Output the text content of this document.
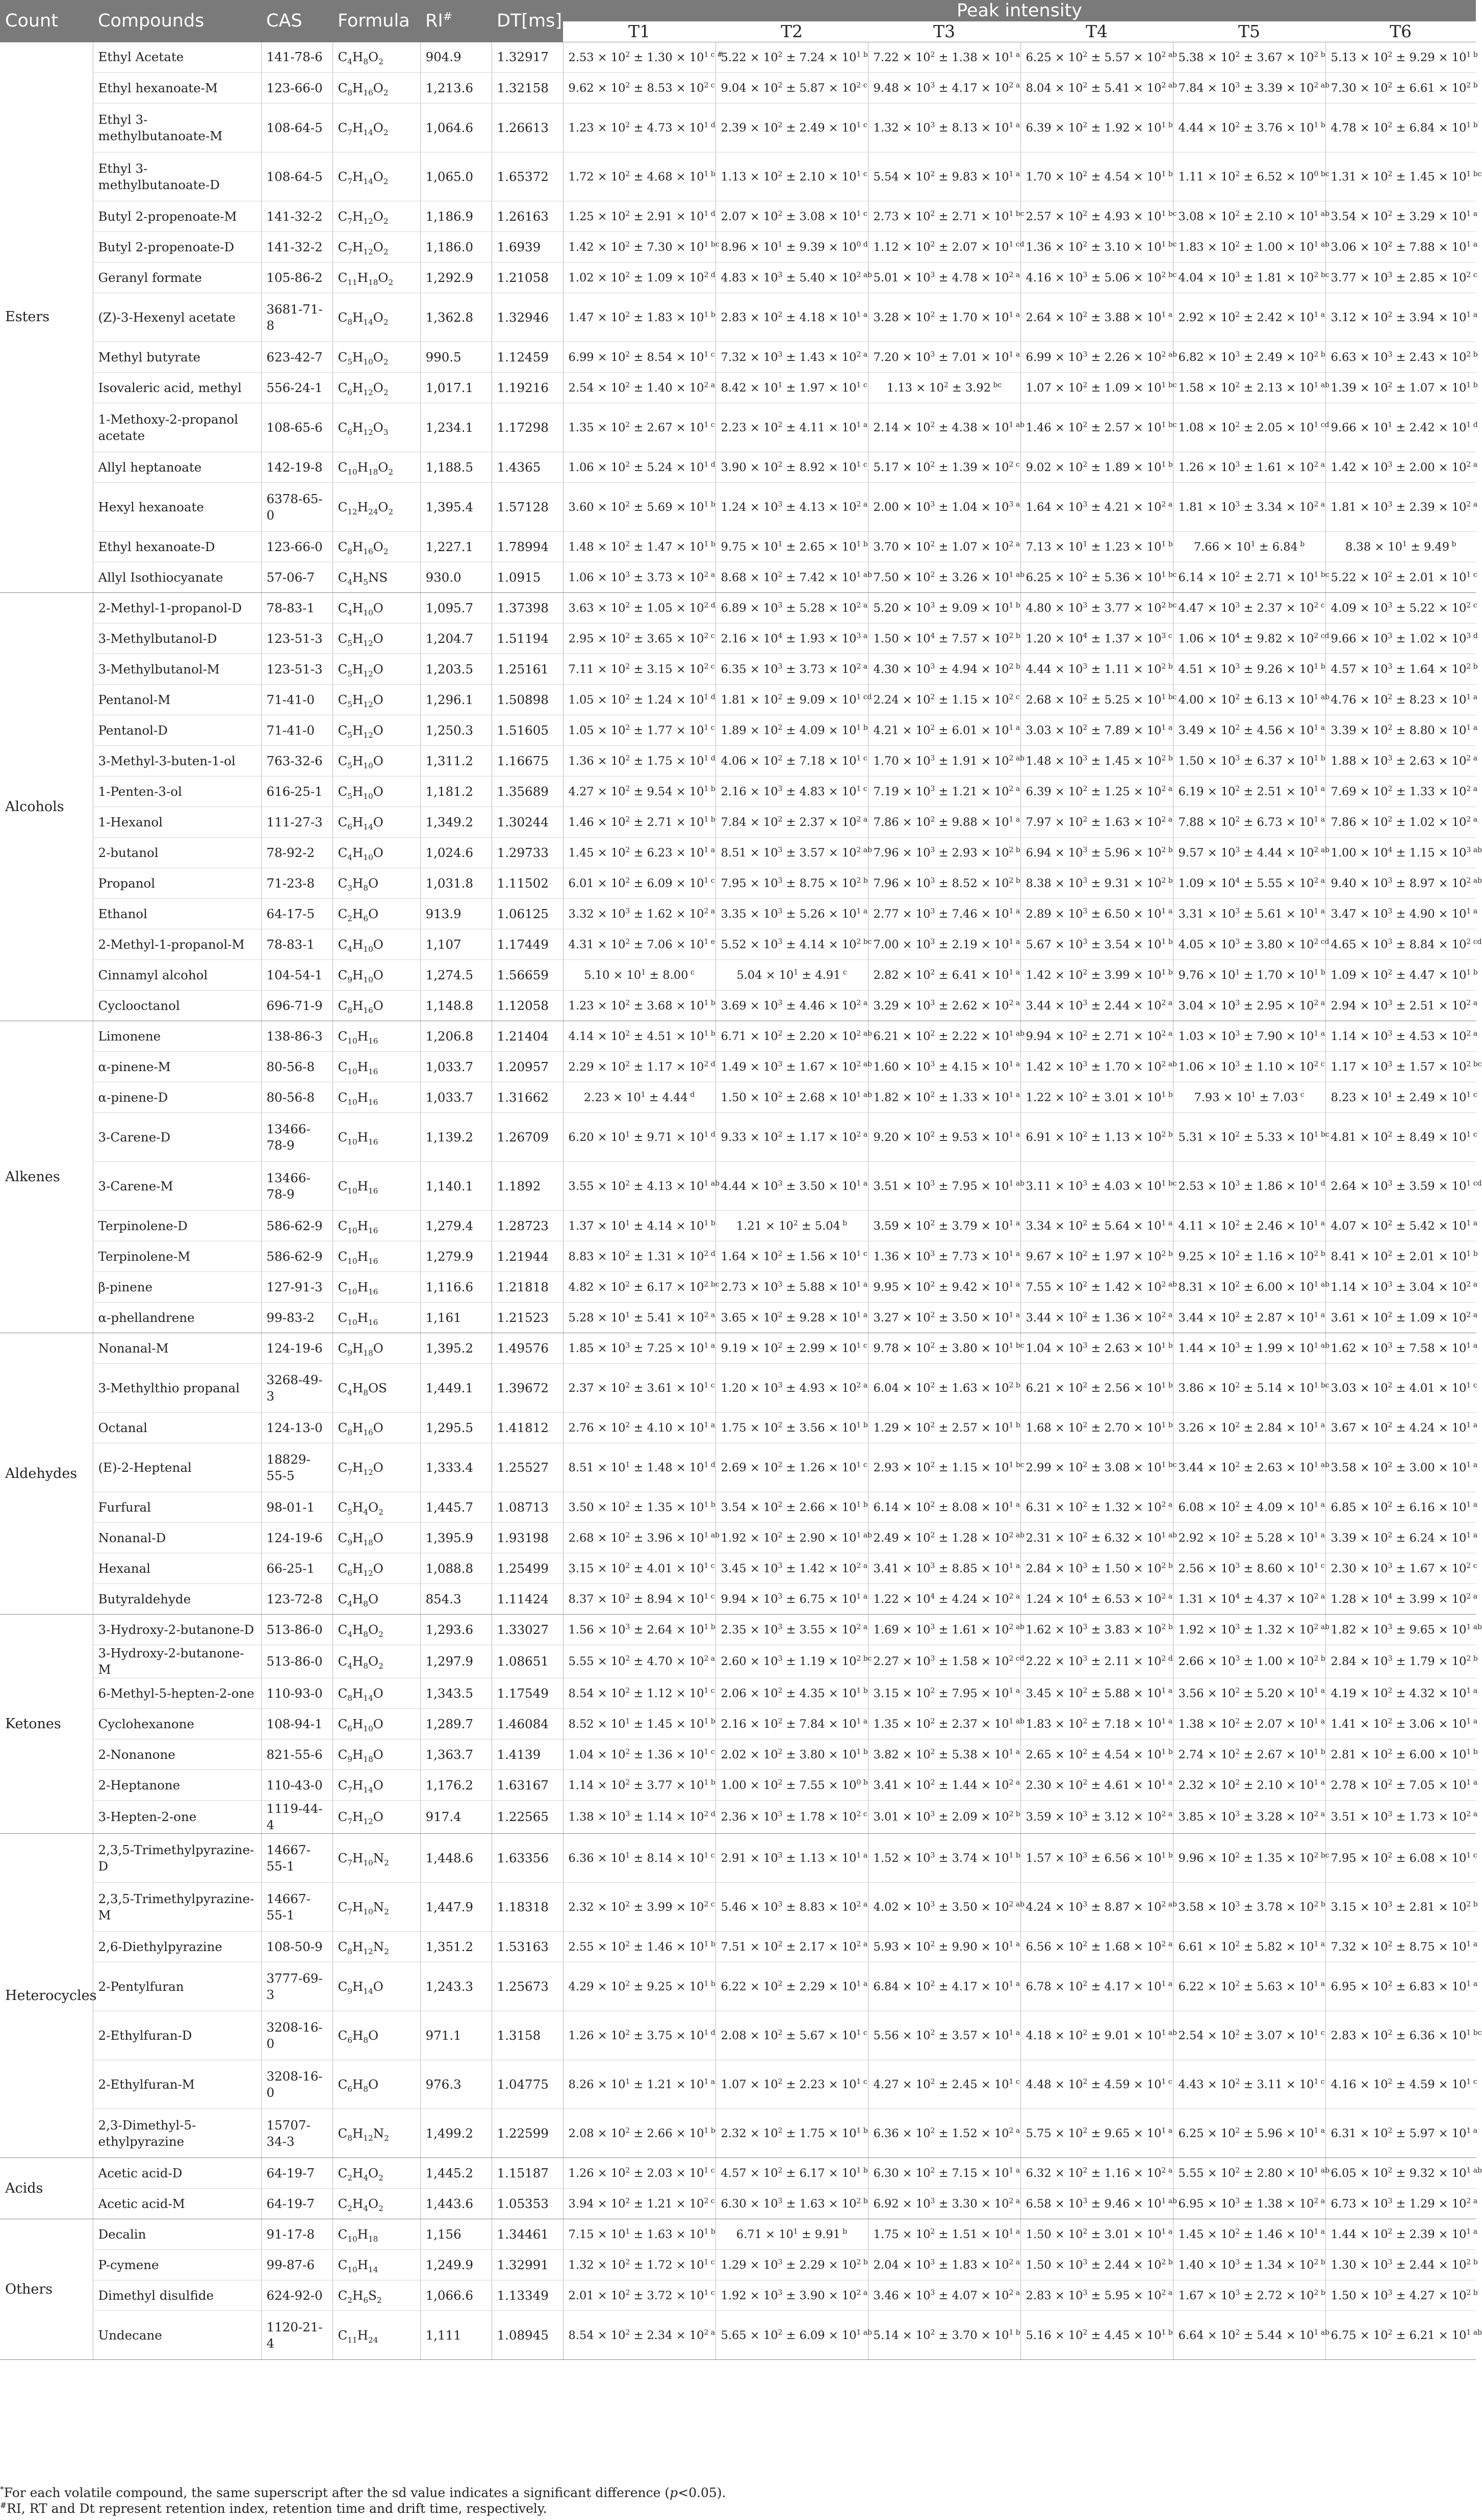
Count	Compounds	CAS	Formula	RI#	DT[ms]	Peak intensity					
						T1	T2	T3	T4	T5	T6
Esters	Ethyl Acetate	141-78-6	$C_4H_8O_2$	904.9	1.32917	$2.53 \times 10^2 \pm 1.30 \times 10^1$ $^{c \#}$	$5.22 \times 10^2 \pm 7.24 \times 10^1$ $^b$	$7.22 \times 10^2 \pm 1.38 \times 10^1$ $^a$	$6.25 \times 10^2 \pm 5.57 \times 10^2$ $^{ab}$	$5.38 \times 10^2 \pm 3.67 \times 10^2$ $^b$	$5.13 \times 10^2 \pm 9.29 \times 10^1$ $^b$
	Ethyl hexanoate-M	123-66-0	$C_8H_{16}O_2$	1,213.6	1.32158	$9.62 \times 10^2 \pm 8.53 \times 10^2$ $^c$	$9.04 \times 10^2 \pm 5.87 \times 10^2$ $^c$	$9.48 \times 10^3 \pm 4.17 \times 10^2$ $^a$	$8.04 \times 10^2 \pm 5.41 \times 10^2$ $^{ab}$	$7.84 \times 10^3 \pm 3.39 \times 10^2$ $^{ab}$	$7.30 \times 10^2 \pm 6.61 \times 10^2$ $^b$
	Ethyl 3-methylbutanoate-M	108-64-5	$C_7H_{14}O_2$	1,064.6	1.26613	$1.23 \times 10^2 \pm 4.73 \times 10^1$ $^d$	$2.39 \times 10^2 \pm 2.49 \times 10^1$ $^c$	$1.32 \times 10^3 \pm 8.13 \times 10^1$ $^a$	$6.39 \times 10^2 \pm 1.92 \times 10^1$ $^b$	$4.44 \times 10^2 \pm 3.76 \times 10^1$ $^b$	$4.78 \times 10^2 \pm 6.84 \times 10^1$ $^b$
	Ethyl 3-methylbutanoate-D	108-64-5	$C_7H_{14}O_2$	1,065.0	1.65372	$1.72 \times 10^2 \pm 4.68 \times 10^1$ $^b$	$1.13 \times 10^2 \pm 2.10 \times 10^1$ $^c$	$5.54 \times 10^2 \pm 9.83 \times 10^1$ $^a$	$1.70 \times 10^2 \pm 4.54 \times 10^1$ $^b$	$1.11 \times 10^2 \pm 6.52 \times 10^0$ $^{bc}$	$1.31 \times 10^2 \pm 1.45 \times 10^1$ $^{bc}$
	Butyl 2-propenoate-M	141-32-2	$C_7H_{12}O_2$	1,186.9	1.26163	$1.25 \times 10^2 \pm 2.91 \times 10^1$ $^d$	$2.07 \times 10^2 \pm 3.08 \times 10^1$ $^c$	$2.73 \times 10^2 \pm 2.71 \times 10^1$ $^{bc}$	$2.57 \times 10^2 \pm 4.93 \times 10^1$ $^{bc}$	$3.08 \times 10^2 \pm 2.10 \times 10^1$ $^{ab}$	$3.54 \times 10^2 \pm 3.29 \times 10^1$ $^a$
	Butyl 2-propenoate-D	141-32-2	$C_7H_{12}O_2$	1,186.0	1.6939	$1.42 \times 10^2 \pm 7.30 \times 10^1$ $^{bc}$	$8.96 \times 10^1 \pm 9.39 \times 10^0$ $^d$	$1.12 \times 10^2 \pm 2.07 \times 10^1$ $^{cd}$	$1.36 \times 10^2 \pm 3.10 \times 10^1$ $^{bc}$	$1.83 \times 10^2 \pm 1.00 \times 10^1$ $^{ab}$	$3.06 \times 10^2 \pm 7.88 \times 10^1$ $^a$
	Geranyl formate	105-86-2	$C_{11}H_{18}O_2$	1,292.9	1.21058	$1.02 \times 10^2 \pm 1.09 \times 10^2$ $^d$	$4.83 \times 10^3 \pm 5.40 \times 10^2$ $^{ab}$	$5.01 \times 10^3 \pm 4.78 \times 10^2$ $^a$	$4.16 \times 10^3 \pm 5.06 \times 10^2$ $^{bc}$	$4.04 \times 10^3 \pm 1.81 \times 10^2$ $^{bc}$	$3.77 \times 10^3 \pm 2.85 \times 10^2$ $^c$
	(Z)-3-Hexenyl acetate	3681-71-8	$C_8H_{14}O_2$	1,362.8	1.32946	$1.47 \times 10^2 \pm 1.83 \times 10^1$ $^b$	$2.83 \times 10^2 \pm 4.18 \times 10^1$ $^a$	$3.28 \times 10^2 \pm 1.70 \times 10^1$ $^a$	$2.64 \times 10^2 \pm 3.88 \times 10^1$ $^a$	$2.92 \times 10^2 \pm 2.42 \times 10^1$ $^a$	$3.12 \times 10^2 \pm 3.94 \times 10^1$ $^a$
	Methyl butyrate	623-42-7	$C_5H_{10}O_2$	990.5	1.12459	$6.99 \times 10^2 \pm 8.54 \times 10^1$ $^c$	$7.32 \times 10^3 \pm 1.43 \times 10^2$ $^a$	$7.20 \times 10^3 \pm 7.01 \times 10^1$ $^a$	$6.99 \times 10^3 \pm 2.26 \times 10^2$ $^{ab}$	$6.82 \times 10^3 \pm 2.49 \times 10^2$ $^b$	$6.63 \times 10^3 \pm 2.43 \times 10^2$ $^b$
	Isovaleric acid, methyl	556-24-1	$C_6H_{12}O_2$	1,017.1	1.19216	$2.54 \times 10^2 \pm 1.40 \times 10^2$ $^a$	$8.42 \times 10^1 \pm 1.97 \times 10^1$ $^c$	$1.13 \times 10^2 \pm 3.92$ $^{bc}$	$1.07 \times 10^2 \pm 1.09 \times 10^1$ $^{bc}$	$1.58 \times 10^2 \pm 2.13 \times 10^1$ $^{ab}$	$1.39 \times 10^2 \pm 1.07 \times 10^1$ $^b$
	1-Methoxy-2-propanol acetate	108-65-6	$C_6H_{12}O_3$	1,234.1	1.17298	$1.35 \times 10^2 \pm 2.67 \times 10^1$ $^c$	$2.23 \times 10^2 \pm 4.11 \times 10^1$ $^a$	$2.14 \times 10^2 \pm 4.38 \times 10^1$ $^{ab}$	$1.46 \times 10^2 \pm 2.57 \times 10^1$ $^{bc}$	$1.08 \times 10^2 \pm 2.05 \times 10^1$ $^{cd}$	$9.66 \times 10^1 \pm 2.42 \times 10^1$ $^d$
	Allyl heptanoate	142-19-8	$C_{10}H_{18}O_2$	1,188.5	1.4365	$1.06 \times 10^2 \pm 5.24 \times 10^1$ $^d$	$3.90 \times 10^2 \pm 8.92 \times 10^1$ $^c$	$5.17 \times 10^2 \pm 1.39 \times 10^2$ $^c$	$9.02 \times 10^2 \pm 1.89 \times 10^1$ $^b$	$1.26 \times 10^3 \pm 1.61 \times 10^2$ $^a$	$1.42 \times 10^3 \pm 2.00 \times 10^2$ $^a$
	Hexyl hexanoate	6378-65-0	$C_{12}H_{24}O_2$	1,395.4	1.57128	$3.60 \times 10^2 \pm 5.69 \times 10^1$ $^b$	$1.24 \times 10^3 \pm 4.13 \times 10^2$ $^a$	$2.00 \times 10^3 \pm 1.04 \times 10^3$ $^a$	$1.64 \times 10^3 \pm 4.21 \times 10^2$ $^a$	$1.81 \times 10^3 \pm 3.34 \times 10^2$ $^a$	$1.81 \times 10^3 \pm 2.39 \times 10^2$ $^a$
	Ethyl hexanoate-D	123-66-0	$C_8H_{16}O_2$	1,227.1	1.78994	$1.48 \times 10^2 \pm 1.47 \times 10^1$ $^b$	$9.75 \times 10^1 \pm 2.65 \times 10^1$ $^b$	$3.70 \times 10^2 \pm 1.07 \times 10^2$ $^a$	$7.13 \times 10^1 \pm 1.23 \times 10^1$ $^b$	$7.66 \times 10^1 \pm 6.84$ $^b$	$8.38 \times 10^1 \pm 9.49$ $^b$
	Allyl Isothiocyanate	57-06-7	$C_4H_5NS$	930.0	1.0915	$1.06 \times 10^3 \pm 3.73 \times 10^2$ $^a$	$8.68 \times 10^2 \pm 7.42 \times 10^1$ $^{ab}$	$7.50 \times 10^2 \pm 3.26 \times 10^1$ $^{ab}$	$6.25 \times 10^2 \pm 5.36 \times 10^1$ $^{bc}$	$6.14 \times 10^2 \pm 2.71 \times 10^1$ $^{bc}$	$5.22 \times 10^2 \pm 2.01 \times 10^1$ $^c$
Alcohols	2-Methyl-1-propanol-D	78-83-1	$C_4H_{10}O$	1,095.7	1.37398	$3.63 \times 10^2 \pm 1.05 \times 10^2$ $^d$	$6.89 \times 10^3 \pm 5.28 \times 10^2$ $^a$	$5.20 \times 10^3 \pm 9.09 \times 10^1$ $^b$	$4.80 \times 10^3 \pm 3.77 \times 10^2$ $^{bc}$	$4.47 \times 10^3 \pm 2.37 \times 10^2$ $^c$	$4.09 \times 10^3 \pm 5.22 \times 10^2$ $^c$
	3-Methylbutanol-D	123-51-3	$C_5H_{12}O$	1,204.7	1.51194	$2.95 \times 10^2 \pm 3.65 \times 10^2$ $^c$	$2.16 \times 10^4 \pm 1.93 \times 10^3$ $^a$	$1.50 \times 10^4 \pm 7.57 \times 10^2$ $^b$	$1.20 \times 10^4 \pm 1.37 \times 10^3$ $^c$	$1.06 \times 10^4 \pm 9.82 \times 10^2$ $^{cd}$	$9.66 \times 10^3 \pm 1.02 \times 10^3$ $^d$
	3-Methylbutanol-M	123-51-3	$C_5H_{12}O$	1,203.5	1.25161	$7.11 \times 10^2 \pm 3.15 \times 10^2$ $^c$	$6.35 \times 10^3 \pm 3.73 \times 10^2$ $^a$	$4.30 \times 10^3 \pm 4.94 \times 10^2$ $^b$	$4.44 \times 10^3 \pm 1.11 \times 10^2$ $^b$	$4.51 \times 10^3 \pm 9.26 \times 10^1$ $^b$	$4.57 \times 10^3 \pm 1.64 \times 10^2$ $^b$
	Pentanol-M	71-41-0	$C_5H_{12}O$	1,296.1	1.50898	$1.05 \times 10^2 \pm 1.24 \times 10^1$ $^d$	$1.81 \times 10^2 \pm 9.09 \times 10^1$ $^{cd}$	$2.24 \times 10^2 \pm 1.15 \times 10^2$ $^c$	$2.68 \times 10^2 \pm 5.25 \times 10^1$ $^{bc}$	$4.00 \times 10^2 \pm 6.13 \times 10^1$ $^{ab}$	$4.76 \times 10^2 \pm 8.23 \times 10^1$ $^a$
	Pentanol-D	71-41-0	$C_5H_{12}O$	1,250.3	1.51605	$1.05 \times 10^2 \pm 1.77 \times 10^1$ $^c$	$1.89 \times 10^2 \pm 4.09 \times 10^1$ $^b$	$4.21 \times 10^2 \pm 6.01 \times 10^1$ $^a$	$3.03 \times 10^2 \pm 7.89 \times 10^1$ $^a$	$3.49 \times 10^2 \pm 4.56 \times 10^1$ $^a$	$3.39 \times 10^2 \pm 8.80 \times 10^1$ $^a$
	3-Methyl-3-buten-1-ol	763-32-6	$C_5H_{10}O$	1,311.2	1.16675	$1.36 \times 10^2 \pm 1.75 \times 10^1$ $^d$	$4.06 \times 10^2 \pm 7.18 \times 10^1$ $^c$	$1.70 \times 10^3 \pm 1.91 \times 10^2$ $^{ab}$	$1.48 \times 10^3 \pm 1.45 \times 10^2$ $^b$	$1.50 \times 10^3 \pm 6.37 \times 10^1$ $^b$	$1.88 \times 10^3 \pm 2.63 \times 10^2$ $^a$
	1-Penten-3-ol	616-25-1	$C_5H_{10}O$	1,181.2	1.35689	$4.27 \times 10^2 \pm 9.54 \times 10^1$ $^b$	$2.16 \times 10^3 \pm 4.83 \times 10^1$ $^c$	$7.19 \times 10^3 \pm 1.21 \times 10^2$ $^a$	$6.39 \times 10^2 \pm 1.25 \times 10^2$ $^a$	$6.19 \times 10^2 \pm 2.51 \times 10^1$ $^a$	$7.69 \times 10^2 \pm 1.33 \times 10^2$ $^a$
	1-Hexanol	111-27-3	$C_6H_{14}O$	1,349.2	1.30244	$1.46 \times 10^2 \pm 2.71 \times 10^1$ $^b$	$7.84 \times 10^2 \pm 2.37 \times 10^2$ $^a$	$7.86 \times 10^2 \pm 9.88 \times 10^1$ $^a$	$7.97 \times 10^2 \pm 1.63 \times 10^2$ $^a$	$7.88 \times 10^2 \pm 6.73 \times 10^1$ $^a$	$7.86 \times 10^2 \pm 1.02 \times 10^2$ $^a$
	2-butanol	78-92-2	$C_4H_{10}O$	1,024.6	1.29733	$1.45 \times 10^2 \pm 6.23 \times 10^1$ $^a$	$8.51 \times 10^3 \pm 3.57 \times 10^2$ $^{ab}$	$7.96 \times 10^3 \pm 2.93 \times 10^2$ $^b$	$6.94 \times 10^3 \pm 5.96 \times 10^2$ $^b$	$9.57 \times 10^3 \pm 4.44 \times 10^2$ $^{ab}$	$1.00 \times 10^4 \pm 1.15 \times 10^3$ $^{ab}$
	Propanol	71-23-8	$C_3H_8O$	1,031.8	1.11502	$6.01 \times 10^2 \pm 6.09 \times 10^1$ $^c$	$7.95 \times 10^3 \pm 8.75 \times 10^2$ $^b$	$7.96 \times 10^3 \pm 8.52 \times 10^2$ $^b$	$8.38 \times 10^3 \pm 9.31 \times 10^2$ $^b$	$1.09 \times 10^4 \pm 5.55 \times 10^2$ $^a$	$9.40 \times 10^3 \pm 8.97 \times 10^2$ $^{ab}$
	Ethanol	64-17-5	$C_2H_6O$	913.9	1.06125	$3.32 \times 10^3 \pm 1.62 \times 10^2$ $^a$	$3.35 \times 10^3 \pm 5.26 \times 10^1$ $^a$	$2.77 \times 10^3 \pm 7.46 \times 10^1$ $^a$	$2.89 \times 10^3 \pm 6.50 \times 10^1$ $^a$	$3.31 \times 10^3 \pm 5.61 \times 10^1$ $^a$	$3.47 \times 10^3 \pm 4.90 \times 10^1$ $^a$
	2-Methyl-1-propanol-M	78-83-1	$C_4H_{10}O$	1,107	1.17449	$4.31 \times 10^2 \pm 7.06 \times 10^1$ $^e$	$5.52 \times 10^3 \pm 4.14 \times 10^2$ $^{bc}$	$7.00 \times 10^3 \pm 2.19 \times 10^1$ $^a$	$5.67 \times 10^3 \pm 3.54 \times 10^1$ $^b$	$4.05 \times 10^3 \pm 3.80 \times 10^2$ $^{cd}$	$4.65 \times 10^3 \pm 8.84 \times 10^2$ $^{cd}$
	Cinnamyl alcohol	104-54-1	$C_9H_{10}O$	1,274.5	1.56659	$5.10 \times 10^1 \pm 8.00$ $^c$	$5.04 \times 10^1 \pm 4.91$ $^c$	$2.82 \times 10^2 \pm 6.41 \times 10^1$ $^a$	$1.42 \times 10^2 \pm 3.99 \times 10^1$ $^b$	$9.76 \times 10^1 \pm 1.70 \times 10^1$ $^b$	$1.09 \times 10^2 \pm 4.47 \times 10^1$ $^b$
	Cyclooctanol	696-71-9	$C_8H_{16}O$	1,148.8	1.12058	$1.23 \times 10^2 \pm 3.68 \times 10^1$ $^b$	$3.69 \times 10^3 \pm 4.46 \times 10^2$ $^a$	$3.29 \times 10^3 \pm 2.62 \times 10^2$ $^a$	$3.44 \times 10^3 \pm 2.44 \times 10^2$ $^a$	$3.04 \times 10^3 \pm 2.95 \times 10^2$ $^a$	$2.94 \times 10^3 \pm 2.51 \times 10^2$ $^a$
Alkenes	Limonene	138-86-3	$C_{10}H_{16}$	1,206.8	1.21404	$4.14 \times 10^2 \pm 4.51 \times 10^1$ $^b$	$6.71 \times 10^2 \pm 2.20 \times 10^2$ $^{ab}$	$6.21 \times 10^2 \pm 2.22 \times 10^1$ $^{ab}$	$9.94 \times 10^2 \pm 2.71 \times 10^2$ $^a$	$1.03 \times 10^3 \pm 7.90 \times 10^1$ $^a$	$1.14 \times 10^3 \pm 4.53 \times 10^2$ $^a$
	α-pinene-M	80-56-8	$C_{10}H_{16}$	1,033.7	1.20957	$2.29 \times 10^2 \pm 1.17 \times 10^2$ $^d$	$1.49 \times 10^3 \pm 1.67 \times 10^2$ $^{ab}$	$1.60 \times 10^3 \pm 4.15 \times 10^1$ $^a$	$1.42 \times 10^3 \pm 1.70 \times 10^2$ $^{ab}$	$1.06 \times 10^3 \pm 1.10 \times 10^2$ $^c$	$1.17 \times 10^3 \pm 1.57 \times 10^2$ $^{bc}$
	α-pinene-D	80-56-8	$C_{10}H_{16}$	1,033.7	1.31662	$2.23 \times 10^1 \pm 4.44$ $^d$	$1.50 \times 10^2 \pm 2.68 \times 10^1$ $^{ab}$	$1.82 \times 10^2 \pm 1.33 \times 10^1$ $^a$	$1.22 \times 10^2 \pm 3.01 \times 10^1$ $^b$	$7.93 \times 10^1 \pm 7.03$ $^c$	$8.23 \times 10^1 \pm 2.49 \times 10^1$ $^c$
	3-Carene-D	13466-78-9	$C_{10}H_{16}$	1,139.2	1.26709	$6.20 \times 10^1 \pm 9.71 \times 10^1$ $^d$	$9.33 \times 10^2 \pm 1.17 \times 10^2$ $^a$	$9.20 \times 10^2 \pm 9.53 \times 10^1$ $^a$	$6.91 \times 10^2 \pm 1.13 \times 10^2$ $^b$	$5.31 \times 10^2 \pm 5.33 \times 10^1$ $^{bc}$	$4.81 \times 10^2 \pm 8.49 \times 10^1$ $^c$
	3-Carene-M	13466-78-9	$C_{10}H_{16}$	1,140.1	1.1892	$3.55 \times 10^2 \pm 4.13 \times 10^1$ $^{ab}$	$4.44 \times 10^3 \pm 3.50 \times 10^1$ $^a$	$3.51 \times 10^3 \pm 7.95 \times 10^1$ $^{ab}$	$3.11 \times 10^3 \pm 4.03 \times 10^1$ $^{bc}$	$2.53 \times 10^3 \pm 1.86 \times 10^1$ $^d$	$2.64 \times 10^3 \pm 3.59 \times 10^1$ $^{cd}$
	Terpinolene-D	586-62-9	$C_{10}H_{16}$	1,279.4	1.28723	$1.37 \times 10^1 \pm 4.14 \times 10^1$ $^b$	$1.21 \times 10^2 \pm 5.04$ $^b$	$3.59 \times 10^2 \pm 3.79 \times 10^1$ $^a$	$3.34 \times 10^2 \pm 5.64 \times 10^1$ $^a$	$4.11 \times 10^2 \pm 2.46 \times 10^1$ $^a$	$4.07 \times 10^2 \pm 5.42 \times 10^1$ $^a$
	Terpinolene-M	586-62-9	$C_{10}H_{16}$	1,279.9	1.21944	$8.83 \times 10^2 \pm 1.31 \times 10^2$ $^d$	$1.64 \times 10^2 \pm 1.56 \times 10^1$ $^c$	$1.36 \times 10^3 \pm 7.73 \times 10^1$ $^a$	$9.67 \times 10^2 \pm 1.97 \times 10^2$ $^b$	$9.25 \times 10^2 \pm 1.16 \times 10^2$ $^b$	$8.41 \times 10^2 \pm 2.01 \times 10^1$ $^b$
	β-pinene	127-91-3	$C_{10}H_{16}$	1,116.6	1.21818	$4.82 \times 10^2 \pm 6.17 \times 10^2$ $^{bc}$	$2.73 \times 10^3 \pm 5.88 \times 10^1$ $^a$	$9.95 \times 10^2 \pm 9.42 \times 10^1$ $^a$	$7.55 \times 10^2 \pm 1.42 \times 10^2$ $^{ab}$	$8.31 \times 10^2 \pm 6.00 \times 10^1$ $^{ab}$	$1.14 \times 10^3 \pm 3.04 \times 10^2$ $^a$
	α-phellandrene	99-83-2	$C_{10}H_{16}$	1,161	1.21523	$5.28 \times 10^1 \pm 5.41 \times 10^2$ $^a$	$3.65 \times 10^2 \pm 9.28 \times 10^1$ $^a$	$3.27 \times 10^2 \pm 3.50 \times 10^1$ $^a$	$3.44 \times 10^2 \pm 1.36 \times 10^2$ $^a$	$3.44 \times 10^2 \pm 2.87 \times 10^1$ $^a$	$3.61 \times 10^2 \pm 1.09 \times 10^2$ $^a$
Aldehydes	Nonanal-M	124-19-6	$C_9H_{18}O$	1,395.2	1.49576	$1.85 \times 10^3 \pm 7.25 \times 10^1$ $^a$	$9.19 \times 10^2 \pm 2.99 \times 10^1$ $^c$	$9.78 \times 10^2 \pm 3.80 \times 10^1$ $^{bc}$	$1.04 \times 10^3 \pm 2.63 \times 10^1$ $^b$	$1.44 \times 10^3 \pm 1.99 \times 10^1$ $^{ab}$	$1.62 \times 10^3 \pm 7.58 \times 10^1$ $^a$
	3-Methylthio propanal	3268-49-3	$C_4H_8OS$	1,449.1	1.39672	$2.37 \times 10^2 \pm 3.61 \times 10^1$ $^c$	$1.20 \times 10^3 \pm 4.93 \times 10^2$ $^a$	$6.04 \times 10^2 \pm 1.63 \times 10^2$ $^b$	$6.21 \times 10^2 \pm 2.56 \times 10^1$ $^b$	$3.86 \times 10^2 \pm 5.14 \times 10^1$ $^{bc}$	$3.03 \times 10^2 \pm 4.01 \times 10^1$ $^c$
	Octanal	124-13-0	$C_8H_{16}O$	1,295.5	1.41812	$2.76 \times 10^2 \pm 4.10 \times 10^1$ $^a$	$1.75 \times 10^2 \pm 3.56 \times 10^1$ $^b$	$1.29 \times 10^2 \pm 2.57 \times 10^1$ $^b$	$1.68 \times 10^2 \pm 2.70 \times 10^1$ $^b$	$3.26 \times 10^2 \pm 2.84 \times 10^1$ $^a$	$3.67 \times 10^2 \pm 4.24 \times 10^1$ $^a$
	(E)-2-Heptenal	18829-55-5	$C_7H_{12}O$	1,333.4	1.25527	$8.51 \times 10^1 \pm 1.48 \times 10^1$ $^d$	$2.69 \times 10^2 \pm 1.26 \times 10^1$ $^c$	$2.93 \times 10^2 \pm 1.15 \times 10^1$ $^{bc}$	$2.99 \times 10^2 \pm 3.08 \times 10^1$ $^{bc}$	$3.44 \times 10^2 \pm 2.63 \times 10^1$ $^{ab}$	$3.58 \times 10^2 \pm 3.00 \times 10^1$ $^a$
	Furfural	98-01-1	$C_5H_4O_2$	1,445.7	1.08713	$3.50 \times 10^2 \pm 1.35 \times 10^1$ $^b$	$3.54 \times 10^2 \pm 2.66 \times 10^1$ $^b$	$6.14 \times 10^2 \pm 8.08 \times 10^1$ $^a$	$6.31 \times 10^2 \pm 1.32 \times 10^2$ $^a$	$6.08 \times 10^2 \pm 4.09 \times 10^1$ $^a$	$6.85 \times 10^2 \pm 6.16 \times 10^1$ $^a$
	Nonanal-D	124-19-6	$C_9H_{18}O$	1,395.9	1.93198	$2.68 \times 10^2 \pm 3.96 \times 10^1$ $^{ab}$	$1.92 \times 10^2 \pm 2.90 \times 10^1$ $^{ab}$	$2.49 \times 10^2 \pm 1.28 \times 10^2$ $^{ab}$	$2.31 \times 10^2 \pm 6.32 \times 10^1$ $^{ab}$	$2.92 \times 10^2 \pm 5.28 \times 10^1$ $^a$	$3.39 \times 10^2 \pm 6.24 \times 10^1$ $^a$
	Hexanal	66-25-1	$C_6H_{12}O$	1,088.8	1.25499	$3.15 \times 10^2 \pm 4.01 \times 10^1$ $^c$	$3.45 \times 10^3 \pm 1.42 \times 10^2$ $^a$	$3.41 \times 10^3 \pm 8.85 \times 10^1$ $^a$	$2.84 \times 10^3 \pm 1.50 \times 10^2$ $^b$	$2.56 \times 10^3 \pm 8.60 \times 10^1$ $^c$	$2.30 \times 10^3 \pm 1.67 \times 10^2$ $^c$
	Butyraldehyde	123-72-8	$C_4H_8O$	854.3	1.11424	$8.37 \times 10^2 \pm 8.94 \times 10^1$ $^c$	$9.94 \times 10^3 \pm 6.75 \times 10^1$ $^a$	$1.22 \times 10^4 \pm 4.24 \times 10^2$ $^a$	$1.24 \times 10^4 \pm 6.53 \times 10^2$ $^a$	$1.31 \times 10^4 \pm 4.37 \times 10^2$ $^a$	$1.28 \times 10^4 \pm 3.99 \times 10^2$ $^a$
Ketones	3-Hydroxy-2-butanone-D	513-86-0	$C_4H_8O_2$	1,293.6	1.33027	$1.56 \times 10^3 \pm 2.64 \times 10^1$ $^b$	$2.35 \times 10^3 \pm 3.55 \times 10^2$ $^a$	$1.69 \times 10^3 \pm 1.61 \times 10^2$ $^{ab}$	$1.62 \times 10^3 \pm 3.83 \times 10^2$ $^b$	$1.92 \times 10^3 \pm 1.32 \times 10^2$ $^{ab}$	$1.82 \times 10^3 \pm 9.65 \times 10^1$ $^{ab}$
	3-Hydroxy-2-butanone-M	513-86-0	$C_4H_8O_2$	1,297.9	1.08651	$5.55 \times 10^2 \pm 4.70 \times 10^2$ $^a$	$2.60 \times 10^3 \pm 1.19 \times 10^2$ $^{bc}$	$2.27 \times 10^3 \pm 1.58 \times 10^2$ $^{cd}$	$2.22 \times 10^3 \pm 2.11 \times 10^2$ $^d$	$2.66 \times 10^3 \pm 1.00 \times 10^2$ $^b$	$2.84 \times 10^3 \pm 1.79 \times 10^2$ $^b$
	6-Methyl-5-hepten-2-one	110-93-0	$C_8H_{14}O$	1,343.5	1.17549	$8.54 \times 10^2 \pm 1.12 \times 10^1$ $^c$	$2.06 \times 10^2 \pm 4.35 \times 10^1$ $^b$	$3.15 \times 10^2 \pm 7.95 \times 10^1$ $^a$	$3.45 \times 10^2 \pm 5.88 \times 10^1$ $^a$	$3.56 \times 10^2 \pm 5.20 \times 10^1$ $^a$	$4.19 \times 10^2 \pm 4.32 \times 10^1$ $^a$
	Cyclohexanone	108-94-1	$C_6H_{10}O$	1,289.7	1.46084	$8.52 \times 10^1 \pm 1.45 \times 10^1$ $^b$	$2.16 \times 10^2 \pm 7.84 \times 10^1$ $^a$	$1.35 \times 10^2 \pm 2.37 \times 10^1$ $^{ab}$	$1.83 \times 10^2 \pm 7.18 \times 10^1$ $^a$	$1.38 \times 10^2 \pm 2.07 \times 10^1$ $^a$	$1.41 \times 10^2 \pm 3.06 \times 10^1$ $^a$
	2-Nonanone	821-55-6	$C_9H_{18}O$	1,363.7	1.4139	$1.04 \times 10^2 \pm 1.36 \times 10^1$ $^c$	$2.02 \times 10^2 \pm 3.80 \times 10^1$ $^b$	$3.82 \times 10^2 \pm 5.38 \times 10^1$ $^a$	$2.65 \times 10^2 \pm 4.54 \times 10^1$ $^b$	$2.74 \times 10^2 \pm 2.67 \times 10^1$ $^b$	$2.81 \times 10^2 \pm 6.00 \times 10^1$ $^b$
	2-Heptanone	110-43-0	$C_7H_{14}O$	1,176.2	1.63167	$1.14 \times 10^2 \pm 3.77 \times 10^1$ $^b$	$1.00 \times 10^2 \pm 7.55 \times 10^0$ $^b$	$3.41 \times 10^2 \pm 1.44 \times 10^2$ $^a$	$2.30 \times 10^2 \pm 4.61 \times 10^1$ $^a$	$2.32 \times 10^2 \pm 2.10 \times 10^1$ $^a$	$2.78 \times 10^2 \pm 7.05 \times 10^1$ $^a$
	3-Hepten-2-one	1119-44-4	$C_7H_{12}O$	917.4	1.22565	$1.38 \times 10^3 \pm 1.14 \times 10^2$ $^d$	$2.36 \times 10^3 \pm 1.78 \times 10^2$ $^c$	$3.01 \times 10^3 \pm 2.09 \times 10^2$ $^b$	$3.59 \times 10^3 \pm 3.12 \times 10^2$ $^a$	$3.85 \times 10^3 \pm 3.28 \times 10^2$ $^a$	$3.51 \times 10^3 \pm 1.73 \times 10^2$ $^a$
Heterocycles	2,3,5-Trimethylpyrazine-D	14667-55-1	$C_7H_{10}N_2$	1,448.6	1.63356	$6.36 \times 10^1 \pm 8.14 \times 10^1$ $^c$	$2.91 \times 10^3 \pm 1.13 \times 10^1$ $^a$	$1.52 \times 10^3 \pm 3.74 \times 10^1$ $^b$	$1.57 \times 10^3 \pm 6.56 \times 10^1$ $^b$	$9.96 \times 10^2 \pm 1.35 \times 10^2$ $^{bc}$	$7.95 \times 10^2 \pm 6.08 \times 10^1$ $^c$
	2,3,5-Trimethylpyrazine-M	14667-55-1	$C_7H_{10}N_2$	1,447.9	1.18318	$2.32 \times 10^2 \pm 3.99 \times 10^2$ $^c$	$5.46 \times 10^3 \pm 8.83 \times 10^2$ $^a$	$4.02 \times 10^3 \pm 3.50 \times 10^2$ $^{ab}$	$4.24 \times 10^3 \pm 8.87 \times 10^2$ $^{ab}$	$3.58 \times 10^3 \pm 3.78 \times 10^2$ $^b$	$3.15 \times 10^3 \pm 2.81 \times 10^2$ $^b$
	2,6-Diethylpyrazine	108-50-9	$C_8H_{12}N_2$	1,351.2	1.53163	$2.55 \times 10^2 \pm 1.46 \times 10^1$ $^b$	$7.51 \times 10^2 \pm 2.17 \times 10^2$ $^a$	$5.93 \times 10^2 \pm 9.90 \times 10^1$ $^a$	$6.56 \times 10^2 \pm 1.68 \times 10^2$ $^a$	$6.61 \times 10^2 \pm 5.82 \times 10^1$ $^a$	$7.32 \times 10^2 \pm 8.75 \times 10^1$ $^a$
	2-Pentylfuran	3777-69-3	$C_9H_{14}O$	1,243.3	1.25673	$4.29 \times 10^2 \pm 9.25 \times 10^1$ $^b$	$6.22 \times 10^2 \pm 2.29 \times 10^1$ $^a$	$6.84 \times 10^2 \pm 4.17 \times 10^1$ $^a$	$6.78 \times 10^2 \pm 4.17 \times 10^1$ $^a$	$6.22 \times 10^2 \pm 5.63 \times 10^1$ $^a$	$6.95 \times 10^2 \pm 6.83 \times 10^1$ $^a$
	2-Ethylfuran-D	3208-16-0	$C_6H_8O$	971.1	1.3158	$1.26 \times 10^2 \pm 3.75 \times 10^1$ $^d$	$2.08 \times 10^2 \pm 5.67 \times 10^1$ $^c$	$5.56 \times 10^2 \pm 3.57 \times 10^1$ $^a$	$4.18 \times 10^2 \pm 9.01 \times 10^1$ $^{ab}$	$2.54 \times 10^2 \pm 3.07 \times 10^1$ $^c$	$2.83 \times 10^2 \pm 6.36 \times 10^1$ $^{bc}$
	2-Ethylfuran-M	3208-16-0	$C_6H_8O$	976.3	1.04775	$8.26 \times 10^1 \pm 1.21 \times 10^1$ $^a$	$1.07 \times 10^2 \pm 2.23 \times 10^1$ $^c$	$4.27 \times 10^2 \pm 2.45 \times 10^1$ $^c$	$4.48 \times 10^2 \pm 4.59 \times 10^1$ $^c$	$4.43 \times 10^2 \pm 3.11 \times 10^1$ $^c$	$4.16 \times 10^2 \pm 4.59 \times 10^1$ $^c$
	2,3-Dimethyl-5-ethylpyrazine	15707-34-3	$C_8H_{12}N_2$	1,499.2	1.22599	$2.08 \times 10^2 \pm 2.66 \times 10^1$ $^b$	$2.32 \times 10^2 \pm 1.75 \times 10^1$ $^b$	$6.36 \times 10^2 \pm 1.52 \times 10^2$ $^a$	$5.75 \times 10^2 \pm 9.65 \times 10^1$ $^a$	$6.25 \times 10^2 \pm 5.96 \times 10^1$ $^a$	$6.31 \times 10^2 \pm 5.97 \times 10^1$ $^a$
Acids	Acetic acid-D	64-19-7	$C_2H_4O_2$	1,445.2	1.15187	$1.26 \times 10^2 \pm 2.03 \times 10^1$ $^c$	$4.57 \times 10^2 \pm 6.17 \times 10^1$ $^b$	$6.30 \times 10^2 \pm 7.15 \times 10^1$ $^a$	$6.32 \times 10^2 \pm 1.16 \times 10^2$ $^a$	$5.55 \times 10^2 \pm 2.80 \times 10^1$ $^{ab}$	$6.05 \times 10^2 \pm 9.32 \times 10^1$ $^{ab}$
	Acetic acid-M	64-19-7	$C_2H_4O_2$	1,443.6	1.05353	$3.94 \times 10^2 \pm 1.21 \times 10^2$ $^c$	$6.30 \times 10^3 \pm 1.63 \times 10^2$ $^b$	$6.92 \times 10^3 \pm 3.30 \times 10^2$ $^a$	$6.58 \times 10^3 \pm 9.46 \times 10^1$ $^{ab}$	$6.95 \times 10^3 \pm 1.38 \times 10^2$ $^a$	$6.73 \times 10^3 \pm 1.29 \times 10^2$ $^a$
Others	Decalin	91-17-8	$C_{10}H_{18}$	1,156	1.34461	$7.15 \times 10^1 \pm 1.63 \times 10^1$ $^b$	$6.71 \times 10^1 \pm 9.91$ $^b$	$1.75 \times 10^2 \pm 1.51 \times 10^1$ $^a$	$1.50 \times 10^2 \pm 3.01 \times 10^1$ $^a$	$1.45 \times 10^2 \pm 1.46 \times 10^1$ $^a$	$1.44 \times 10^2 \pm 2.39 \times 10^1$ $^a$
	P-cymene	99-87-6	$C_{10}H_{14}$	1,249.9	1.32991	$1.32 \times 10^2 \pm 1.72 \times 10^1$ $^c$	$1.29 \times 10^3 \pm 2.29 \times 10^2$ $^b$	$2.04 \times 10^3 \pm 1.83 \times 10^2$ $^a$	$1.50 \times 10^3 \pm 2.44 \times 10^2$ $^b$	$1.40 \times 10^3 \pm 1.34 \times 10^2$ $^b$	$1.30 \times 10^3 \pm 2.44 \times 10^2$ $^b$
	Dimethyl disulfide	624-92-0	$C_2H_6S_2$	1,066.6	1.13349	$2.01 \times 10^2 \pm 3.72 \times 10^1$ $^c$	$1.92 \times 10^3 \pm 3.90 \times 10^2$ $^a$	$3.46 \times 10^3 \pm 4.07 \times 10^2$ $^a$	$2.83 \times 10^3 \pm 5.95 \times 10^2$ $^a$	$1.67 \times 10^3 \pm 2.72 \times 10^2$ $^b$	$1.50 \times 10^3 \pm 4.27 \times 10^2$ $^b$
	Undecane	1120-21-4	$C_{11}H_{24}$	1,111	1.08945	$8.54 \times 10^2 \pm 2.34 \times 10^2$ $^a$	$5.65 \times 10^2 \pm 6.09 \times 10^1$ $^{ab}$	$5.14 \times 10^2 \pm 3.70 \times 10^1$ $^b$	$5.16 \times 10^2 \pm 4.45 \times 10^1$ $^b$	$6.64 \times 10^2 \pm 5.44 \times 10^1$ $^{ab}$	$6.75 \times 10^2 \pm 6.21 \times 10^1$ $^{ab}$
*For each volatile compound, the same superscript after the sd value indicates a significant difference (p<0.05).
#RI, RT and Dt represent retention index, retention time and drift time, respectively.
